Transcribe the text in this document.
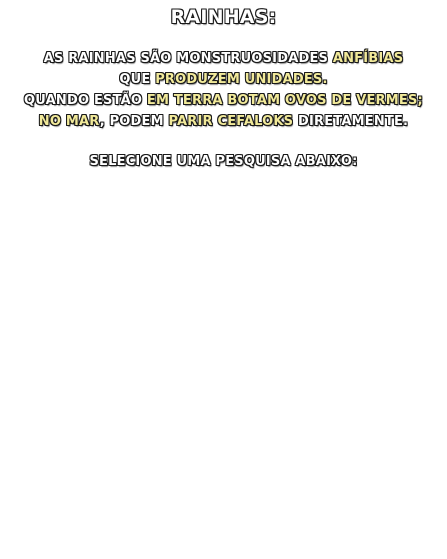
RAINHAS:
AS RAINHAS SÃO MONSTRUOSIDADES ANFÍBIAS
QUE PRODUZEM UNIDADES.
QUANDO ESTÃO EM TERRA BOTAM OVOS DE VERMES;
NO MAR, PODEM PARIR CEFALOKS DIRETAMENTE.
SELECIONE UMA PESQUISA ABAIXO:
